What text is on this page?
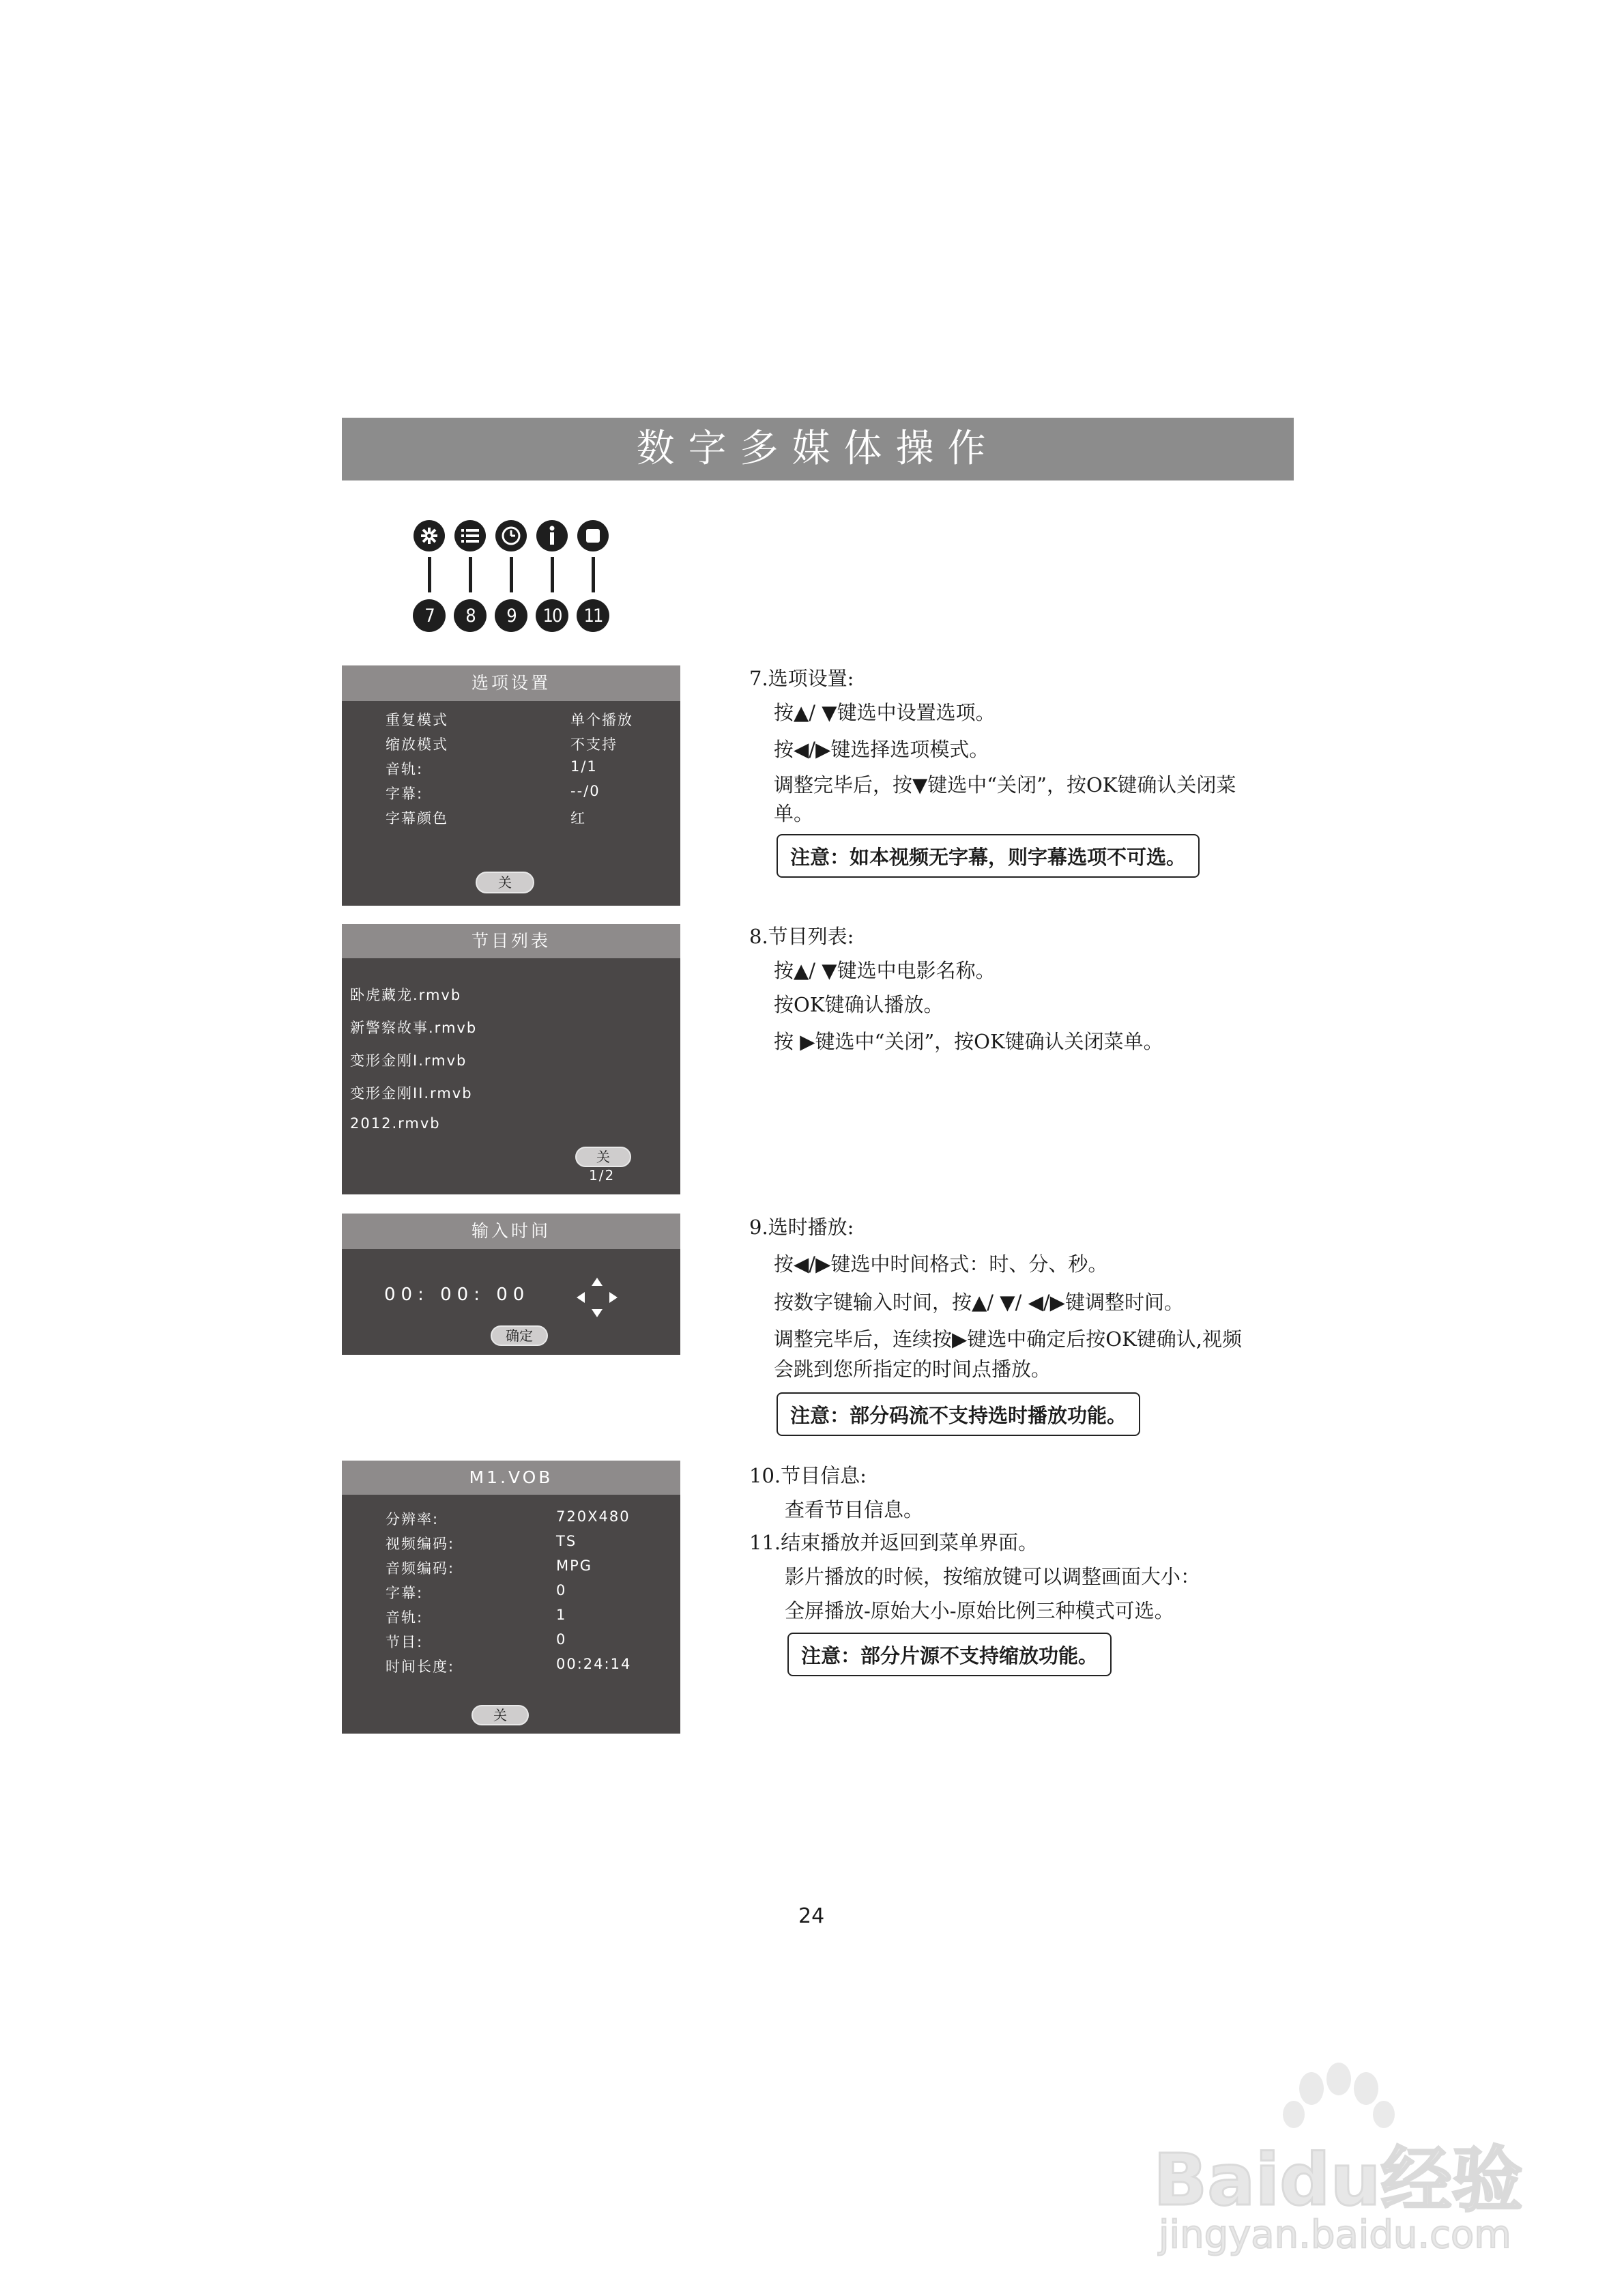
数字多媒体操作
7	8	9	10	11
选项设置
重复模式	单个播放
缩放模式	不支持
音轨:	1/1
字幕:	--/0
字幕颜色	红
关
节目列表
卧虎藏龙.rmvb
新警察故事.rmvb
变形金刚I.rmvb
变形金刚II.rmvb
2012.rmvb
关
1/2
输入时间
00: 00: 00
确定
M1.VOB
分辨率:	720X480
视频编码:	TS
音频编码:	MPG
字幕:	0
音轨:	1
节目:	0
时间长度:	00:24:14
关
7.选项设置:
按▲/ ▼键选中设置选项。
按◀/▶键选择选项模式。
调整完毕后，按▼键选中“关闭”，按OK键确认关闭菜
单。
注意：如本视频无字幕，则字幕选项不可选。
8.节目列表:
按▲/ ▼键选中电影名称。
按OK键确认播放。
按 ▶键选中“关闭”，按OK键确认关闭菜单。
9.选时播放:
按◀/▶键选中时间格式：时、分、秒。
按数字键输入时间，按▲/ ▼/ ◀/▶键调整时间。
调整完毕后，连续按▶键选中确定后按OK键确认,视频
会跳到您所指定的时间点播放。
注意：部分码流不支持选时播放功能。
10.节目信息:
查看节目信息。
11.结束播放并返回到菜单界面。
影片播放的时候，按缩放键可以调整画面大小：
全屏播放-原始大小-原始比例三种模式可选。
注意：部分片源不支持缩放功能。
24
Baidu经验
jingyan.baidu.com
